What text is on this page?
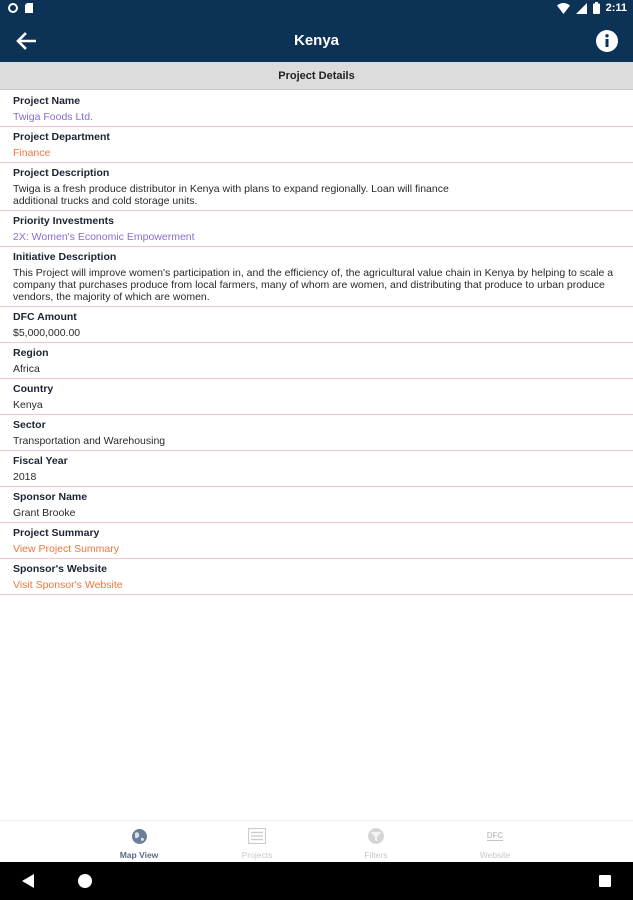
2:11
Kenya
Project Details
Project Name
Twiga Foods Ltd.
Project Department
Finance
Project Description
Twiga is a fresh produce distributor in Kenya with plans to expand regionally. Loan will finance additional trucks and cold storage units.
Priority Investments
2X: Women's Economic Empowerment
Initiative Description
This Project will improve women's participation in, and the efficiency of, the agricultural value chain in Kenya by helping to scale a company that purchases produce from local farmers, many of whom are women, and distributing that produce to urban produce vendors, the majority of which are women.
DFC Amount
$5,000,000.00
Region
Africa
Country
Kenya
Sector
Transportation and Warehousing
Fiscal Year
2018
Sponsor Name
Grant Brooke
Project Summary
View Project Summary
Sponsor's Website
Visit Sponsor's Website
Map View	Projects	Filters
DFC
Website
